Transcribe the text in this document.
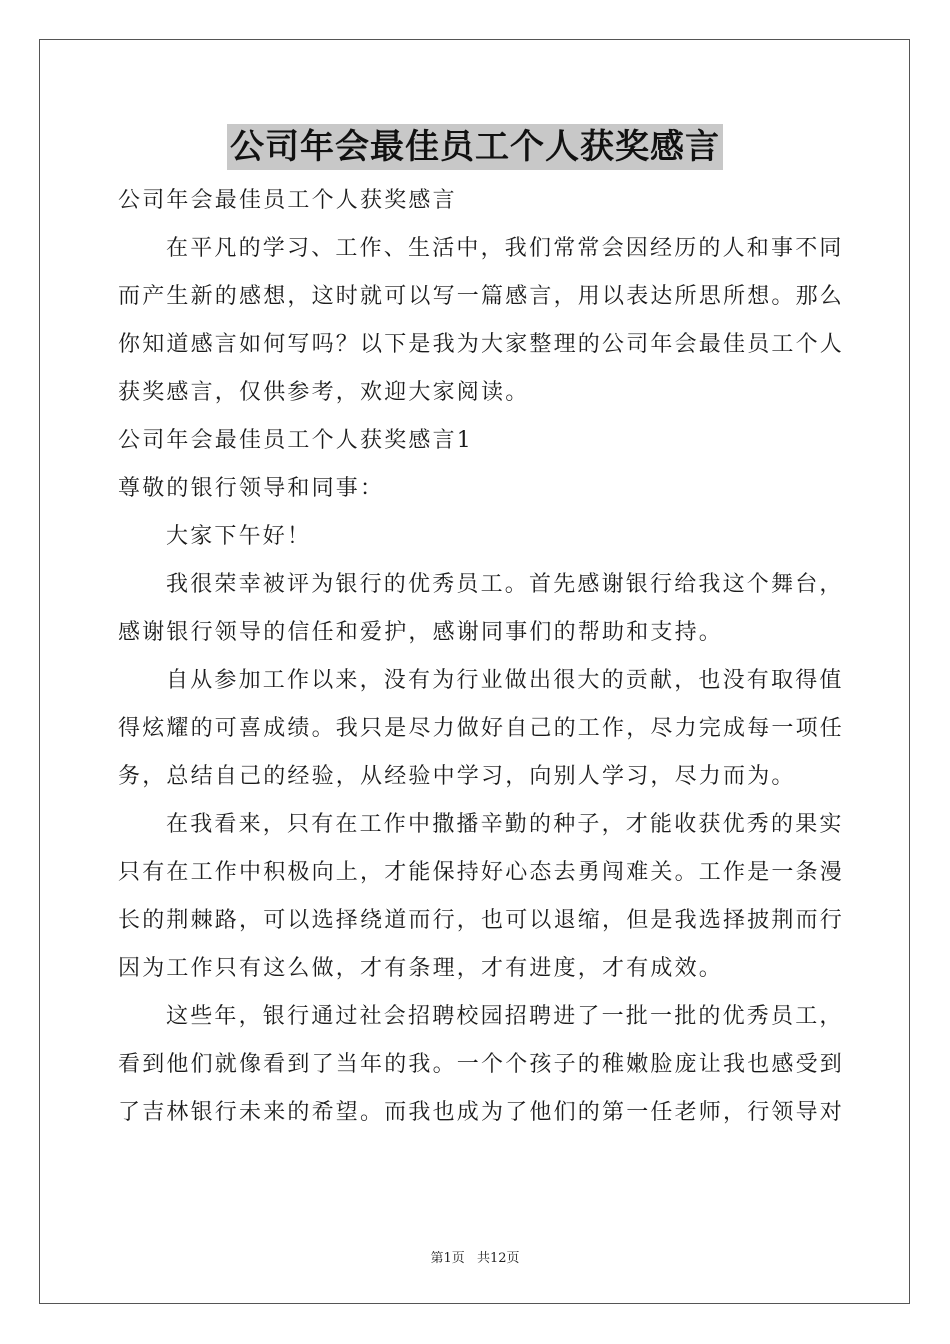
公司年会最佳员工个人获奖感言
公司年会最佳员工个人获奖感言
在平凡的学习、工作、生活中，我们常常会因经历的人和事不同
而产生新的感想，这时就可以写一篇感言，用以表达所思所想。那么
你知道感言如何写吗？以下是我为大家整理的公司年会最佳员工个人
获奖感言，仅供参考，欢迎大家阅读。
公司年会最佳员工个人获奖感言1
尊敬的银行领导和同事：
大家下午好！
我很荣幸被评为银行的优秀员工。首先感谢银行给我这个舞台，
感谢银行领导的信任和爱护，感谢同事们的帮助和支持。
自从参加工作以来，没有为行业做出很大的贡献，也没有取得值
得炫耀的可喜成绩。我只是尽力做好自己的工作，尽力完成每一项任
务，总结自己的经验，从经验中学习，向别人学习，尽力而为。
在我看来，只有在工作中撒播辛勤的种子，才能收获优秀的果实
只有在工作中积极向上，才能保持好心态去勇闯难关。工作是一条漫
长的荆棘路，可以选择绕道而行，也可以退缩，但是我选择披荆而行
因为工作只有这么做，才有条理，才有进度，才有成效。
这些年，银行通过社会招聘校园招聘进了一批一批的优秀员工，
看到他们就像看到了当年的我。一个个孩子的稚嫩脸庞让我也感受到
了吉林银行未来的希望。而我也成为了他们的第一任老师，行领导对
第1页 共12页
